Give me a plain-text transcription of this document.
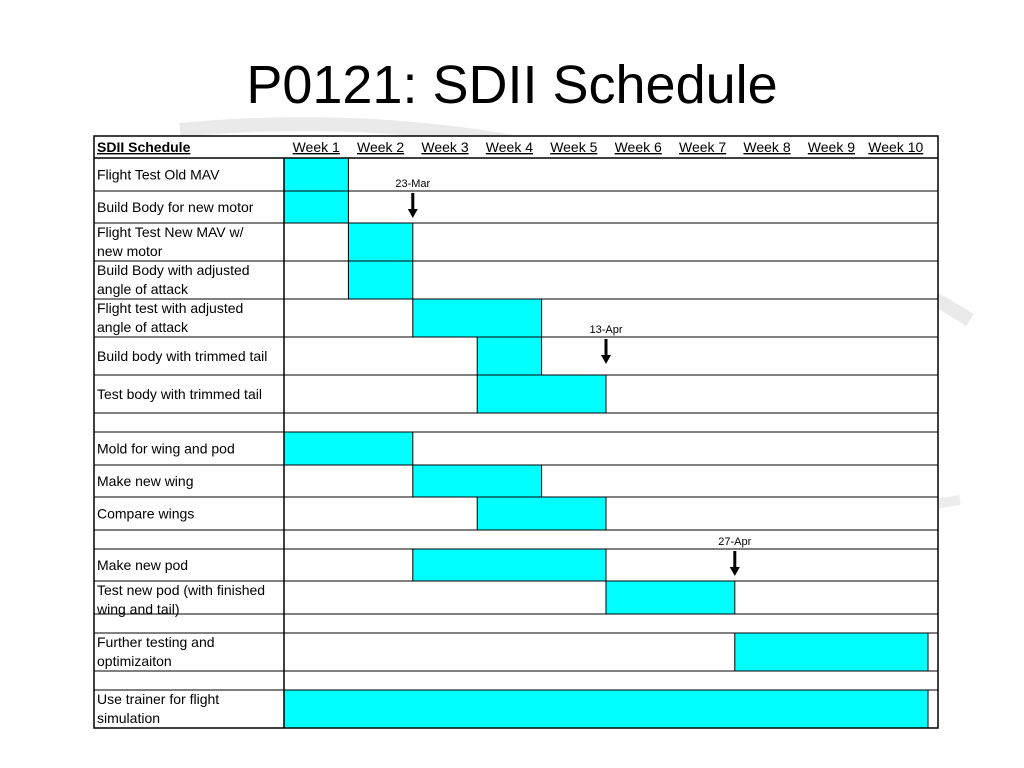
P0121: SDII Schedule
SDII Schedule	Week 1 Week 2 Week 3 Week 4 Week 5 Week 6 Week 7 Week 8 Week 9 Week 10
Flight Test Old MAV
Build Body for new motor
Flight Test New MAV w/
new motor
Build Body with adjusted
angle of attack
Flight test with adjusted
angle of attack
Build body with trimmed tail
Test body with trimmed tail
Mold for wing and pod
Make new wing
Compare wings
Make new pod
Test new pod (with finished
wing and tail)
Further testing and
optimizaiton
Use trainer for flight
simulation
23-Mar
13-Apr
27-Apr
